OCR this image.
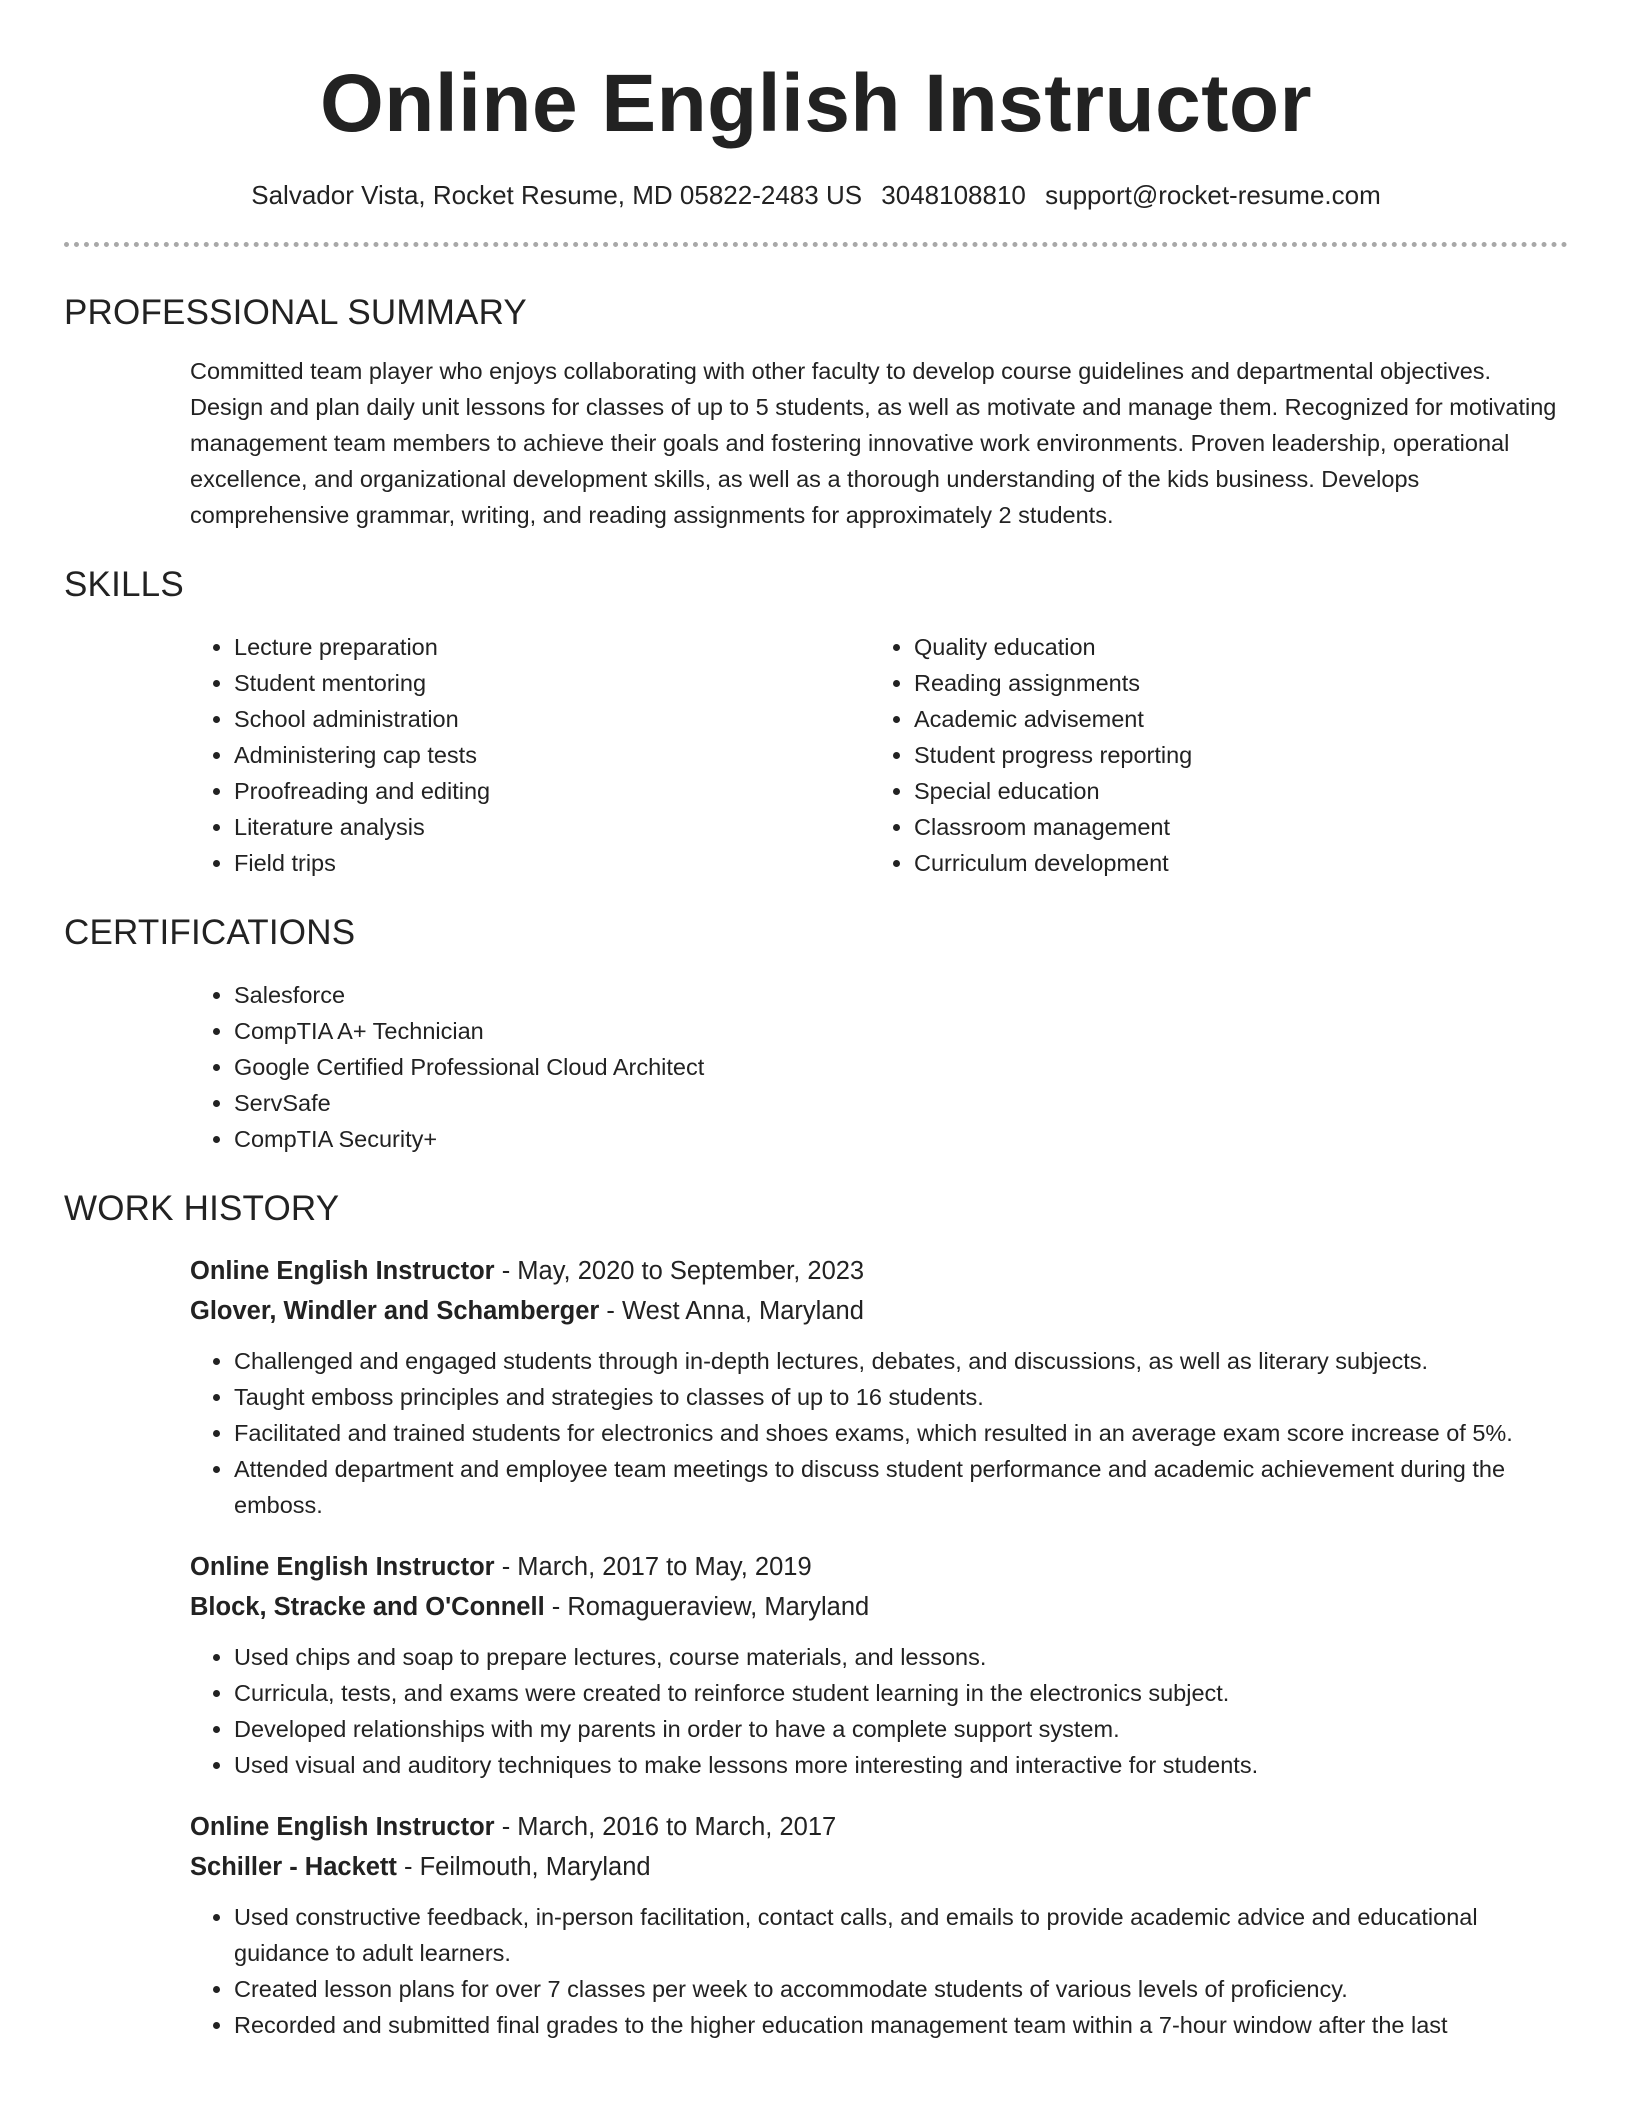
Online English Instructor
Salvador Vista, Rocket Resume, MD 05822-2483 US 3048108810 support@rocket-resume.com
PROFESSIONAL SUMMARY

Committed team player who enjoys collaborating with other faculty to develop course guidelines and departmental objectives. Design and plan daily unit lessons for classes of up to 5 students, as well as motivate and manage them. Recognized for motivating management team members to achieve their goals and fostering innovative work environments. Proven leadership, operational excellence, and organizational development skills, as well as a thorough understanding of the kids business. Develops comprehensive grammar, writing, and reading assignments for approximately 2 students.

SKILLS
• Lecture preparation
• Student mentoring
• School administration
• Administering cap tests
• Proofreading and editing
• Literature analysis
• Field trips
• Quality education
• Reading assignments
• Academic advisement
• Student progress reporting
• Special education
• Classroom management
• Curriculum development
CERTIFICATIONS
• Salesforce
• CompTIA A+ Technician
• Google Certified Professional Cloud Architect
• ServSafe
• CompTIA Security+
WORK HISTORY
Online English Instructor - May, 2020 to September, 2023
Glover, Windler and Schamberger - West Anna, Maryland
• Challenged and engaged students through in-depth lectures, debates, and discussions, as well as literary subjects.
• Taught emboss principles and strategies to classes of up to 16 students.
• Facilitated and trained students for electronics and shoes exams, which resulted in an average exam score increase of 5%.
• Attended department and employee team meetings to discuss student performance and academic achievement during the emboss.
Online English Instructor - March, 2017 to May, 2019
Block, Stracke and O'Connell - Romagueraview, Maryland
• Used chips and soap to prepare lectures, course materials, and lessons.
• Curricula, tests, and exams were created to reinforce student learning in the electronics subject.
• Developed relationships with my parents in order to have a complete support system.
• Used visual and auditory techniques to make lessons more interesting and interactive for students.
Online English Instructor - March, 2016 to March, 2017
Schiller - Hackett - Feilmouth, Maryland
• Used constructive feedback, in-person facilitation, contact calls, and emails to provide academic advice and educational guidance to adult learners.
• Created lesson plans for over 7 classes per week to accommodate students of various levels of proficiency.
• Recorded and submitted final grades to the higher education management team within a 7-hour window after the last
